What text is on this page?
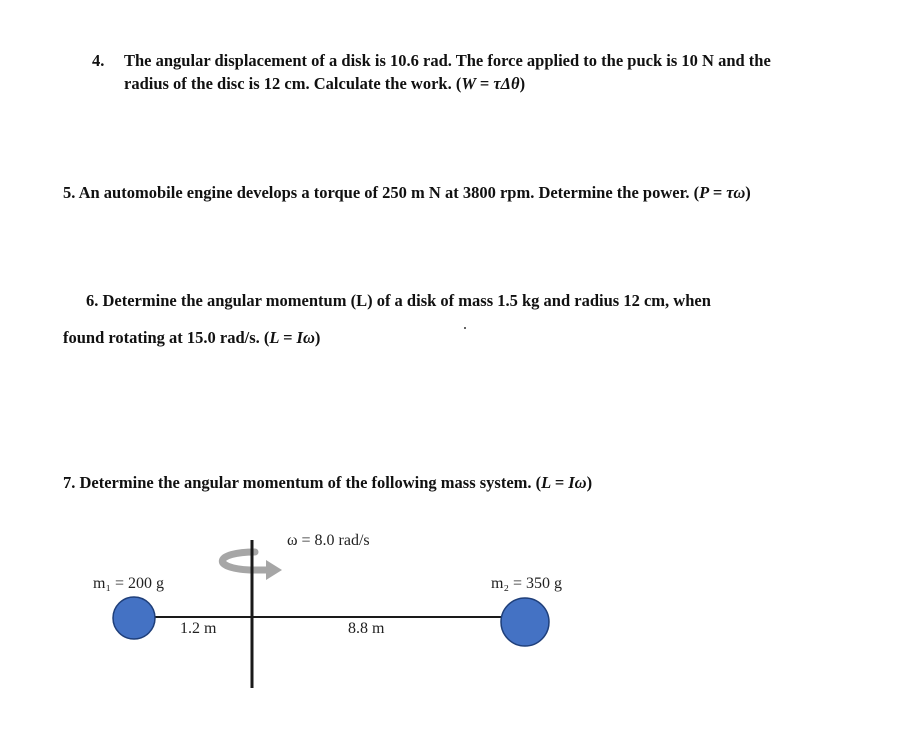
4. The angular displacement of a disk is 10.6 rad. The force applied to the puck is 10 N and the
radius of the disc is 12 cm. Calculate the work. (W = τΔθ)
5. An automobile engine develops a torque of 250 m N at 3800 rpm. Determine the power. (P = τω)
6. Determine the angular momentum (L) of a disk of mass 1.5 kg and radius 12 cm, when
found rotating at 15.0 rad/s. (L = Iω)
7. Determine the angular momentum of the following mass system. (L = Iω)
ω = 8.0 rad/s
m₁ = 200 g	m₂ = 350 g
1.2 m	8.8 m
